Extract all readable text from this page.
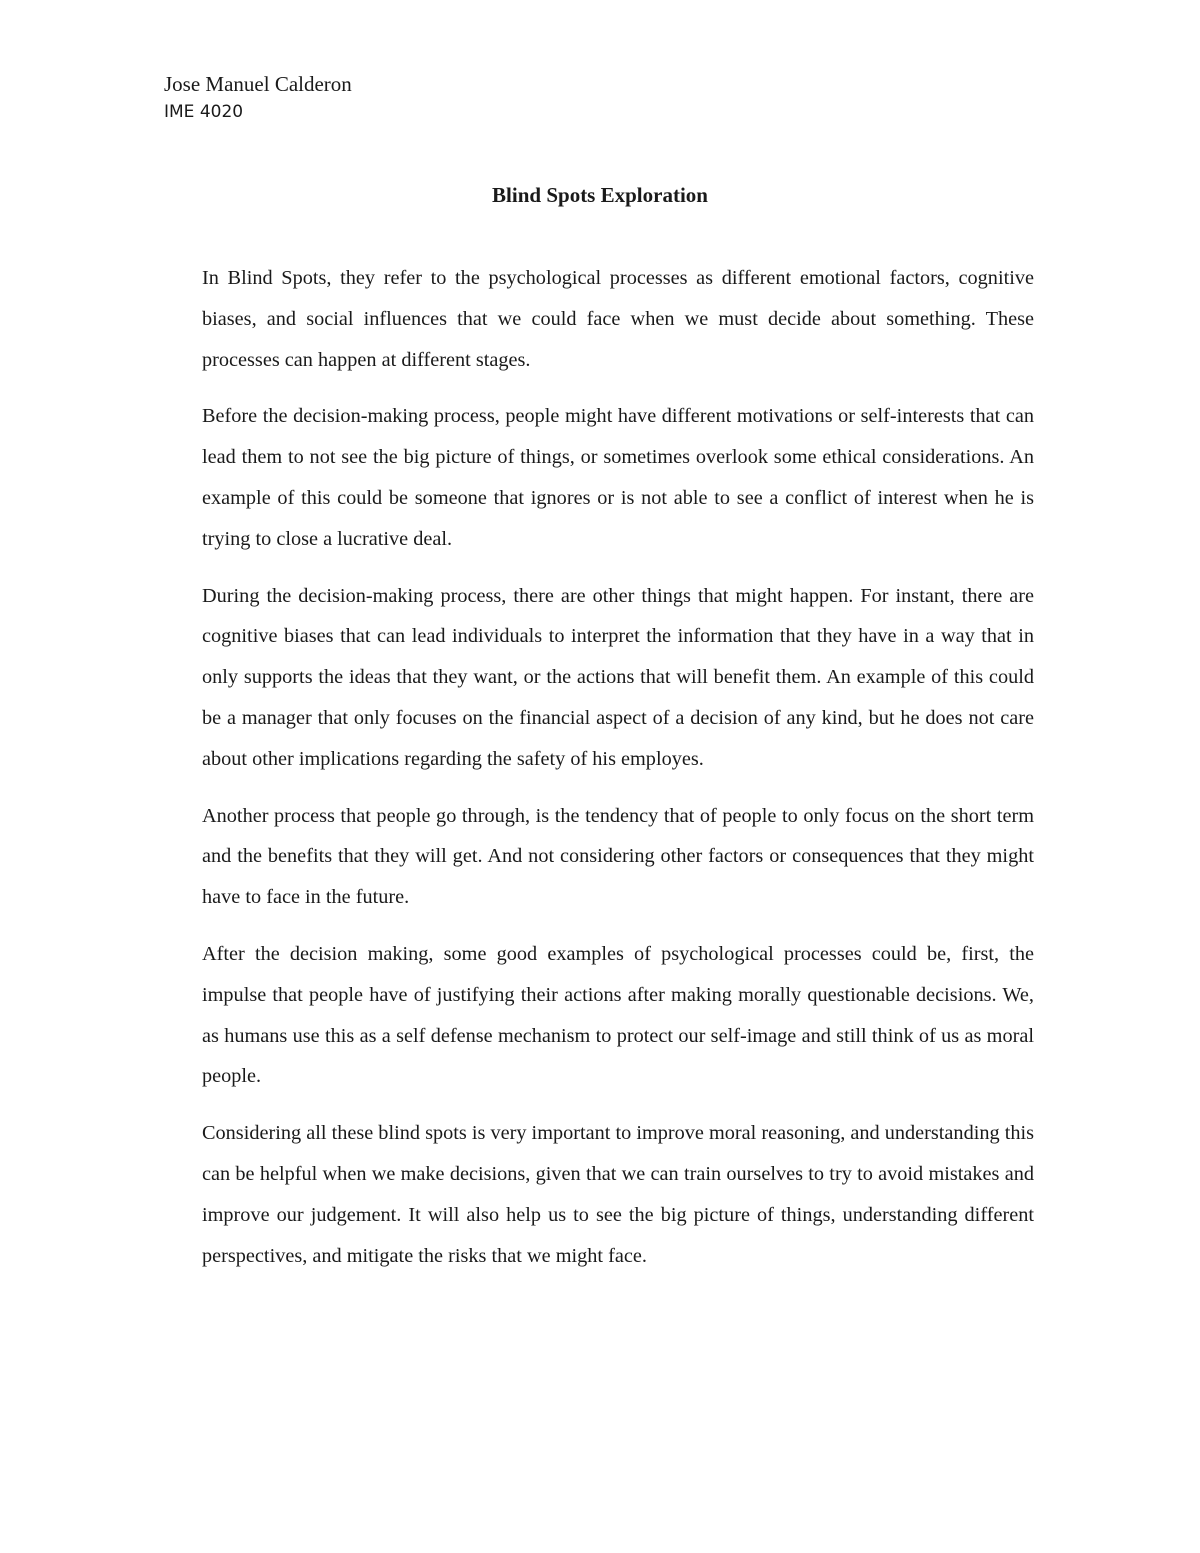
Jose Manuel Calderon
IME 4020
Blind Spots Exploration

In Blind Spots, they refer to the psychological processes as different emotional factors, cognitive biases, and social influences that we could face when we must decide about something. These processes can happen at different stages.

Before the decision-making process, people might have different motivations or self-interests that can lead them to not see the big picture of things, or sometimes overlook some ethical considerations. An example of this could be someone that ignores or is not able to see a conflict of interest when he is trying to close a lucrative deal.

During the decision-making process, there are other things that might happen. For instant, there are cognitive biases that can lead individuals to interpret the information that they have in a way that in only supports the ideas that they want, or the actions that will benefit them. An example of this could be a manager that only focuses on the financial aspect of a decision of any kind, but he does not care about other implications regarding the safety of his employes.

Another process that people go through, is the tendency that of people to only focus on the short term and the benefits that they will get. And not considering other factors or consequences that they might have to face in the future.

After the decision making, some good examples of psychological processes could be, first, the impulse that people have of justifying their actions after making morally questionable decisions. We, as humans use this as a self defense mechanism to protect our self-image and still think of us as moral people.

Considering all these blind spots is very important to improve moral reasoning, and understanding this can be helpful when we make decisions, given that we can train ourselves to try to avoid mistakes and improve our judgement. It will also help us to see the big picture of things, understanding different perspectives, and mitigate the risks that we might face.
